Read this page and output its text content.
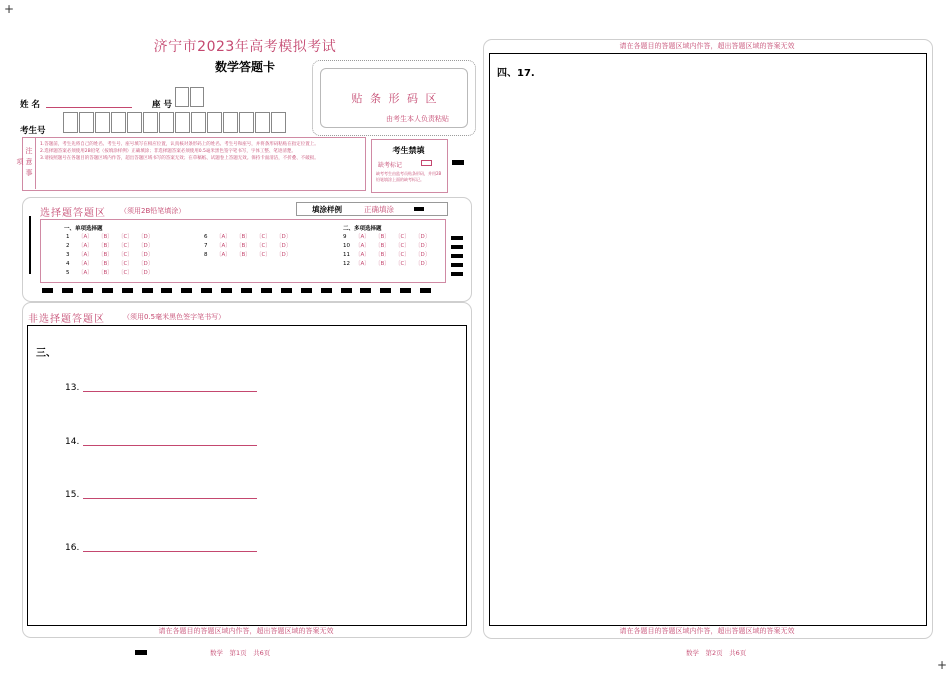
+
+
济宁市2023年高考模拟考试
数学答题卡
姓 名	座 号
考生号
贴 条 形 码 区
由考生本人负责粘贴
注意事项
1.答题前，考生先将自己的姓名、考生号、座号填写在相应位置，认真核对条形码上的姓名、考生号和座号，并将条形码粘贴在指定位置上。
2.选择题答案必须使用2B铅笔（按填涂样例）正确填涂；非选择题答案必须使用0.5毫米黑色签字笔书写，字体工整、笔迹清楚。
3.请按照题号在各题目的答题区域内作答，超出答题区域书写的答案无效；在草稿纸、试题卷上答题无效。保持卡面清洁，不折叠、不破损。
考生禁填
缺考标记
缺考考生由监考员贴条形码，并用2B铅笔填涂上面的缺考标记。
选择题答题区 （须用2B铅笔填涂）	填涂样例	正确填涂
一、单项选择题	二、多项选择题
1 〔A〕 〔B〕 〔C〕 〔D〕
2 〔A〕 〔B〕 〔C〕 〔D〕
3 〔A〕 〔B〕 〔C〕 〔D〕
4 〔A〕 〔B〕 〔C〕 〔D〕
5 〔A〕 〔B〕 〔C〕 〔D〕
6 〔A〕 〔B〕 〔C〕 〔D〕
7 〔A〕 〔B〕 〔C〕 〔D〕
8 〔A〕 〔B〕 〔C〕 〔D〕
9 〔A〕 〔B〕 〔C〕 〔D〕
10 〔A〕 〔B〕 〔C〕 〔D〕
11 〔A〕 〔B〕 〔C〕 〔D〕
12 〔A〕 〔B〕 〔C〕 〔D〕
非选择题答题区	（须用0.5毫米黑色签字笔书写）
三、
13.
14.
15.
16.
请在各题目的答题区域内作答，超出答题区域的答案无效
请在各题目的答题区域内作答，超出答题区域的答案无效
四、17.
请在各题目的答题区域内作答，超出答题区域的答案无效
数学　第1页　共6页	数学　第2页　共6页
